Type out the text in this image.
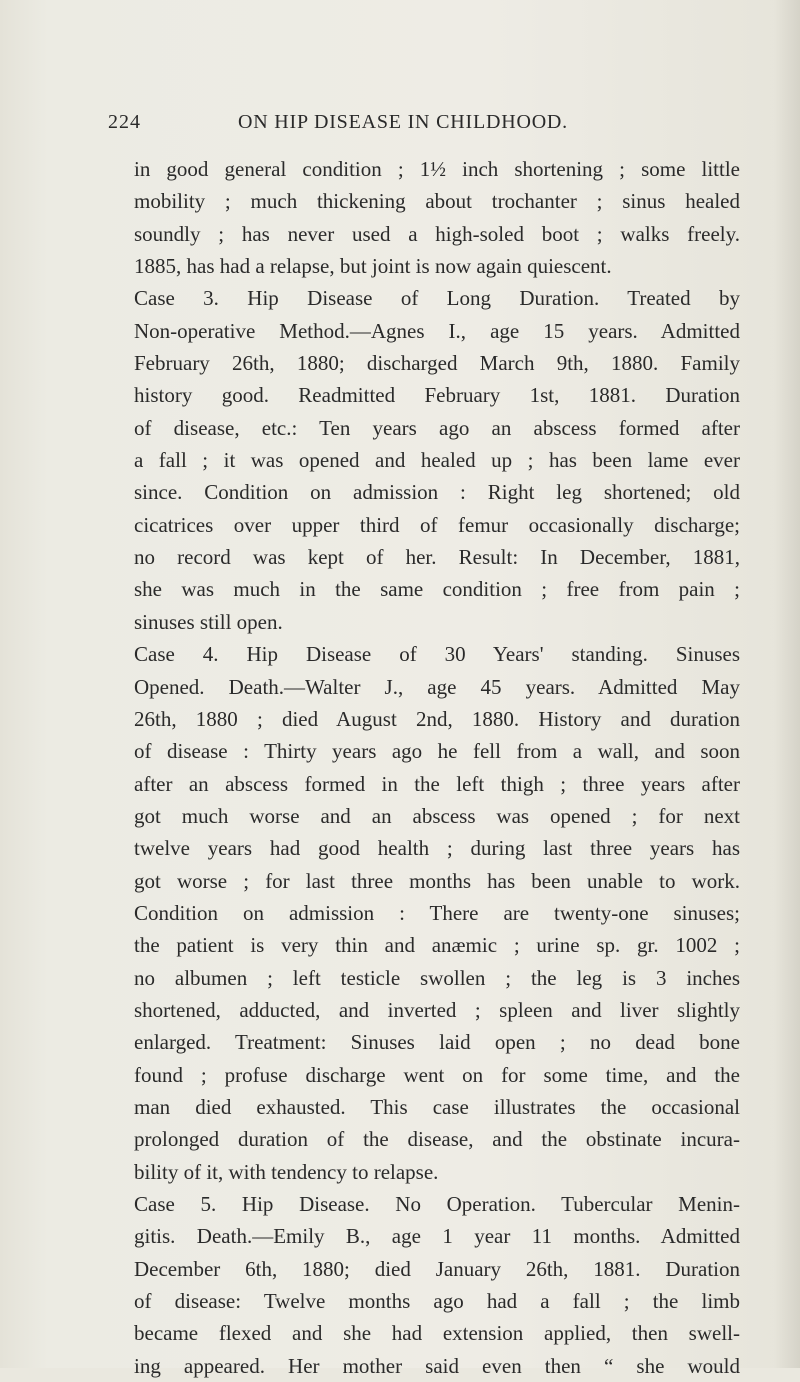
224	ON HIP DISEASE IN CHILDHOOD.
in good general condition ; 1½ inch shortening ; some little
mobility ; much thickening about trochanter ; sinus healed
soundly ; has never used a high-soled boot ; walks freely.
1885, has had a relapse, but joint is now again quiescent.
Case 3. Hip Disease of Long Duration. Treated by
Non-operative Method.—Agnes I., age 15 years. Admitted
February 26th, 1880; discharged March 9th, 1880. Family
history good. Readmitted February 1st, 1881. Duration
of disease, etc.: Ten years ago an abscess formed after
a fall ; it was opened and healed up ; has been lame ever
since. Condition on admission : Right leg shortened; old
cicatrices over upper third of femur occasionally discharge;
no record was kept of her. Result: In December, 1881,
she was much in the same condition ; free from pain ;
sinuses still open.
Case 4. Hip Disease of 30 Years' standing. Sinuses
Opened. Death.—Walter J., age 45 years. Admitted May
26th, 1880 ; died August 2nd, 1880. History and duration
of disease : Thirty years ago he fell from a wall, and soon
after an abscess formed in the left thigh ; three years after
got much worse and an abscess was opened ; for next
twelve years had good health ; during last three years has
got worse ; for last three months has been unable to work.
Condition on admission : There are twenty-one sinuses;
the patient is very thin and anæmic ; urine sp. gr. 1002 ;
no albumen ; left testicle swollen ; the leg is 3 inches
shortened, adducted, and inverted ; spleen and liver slightly
enlarged. Treatment: Sinuses laid open ; no dead bone
found ; profuse discharge went on for some time, and the
man died exhausted. This case illustrates the occasional
prolonged duration of the disease, and the obstinate incura-
bility of it, with tendency to relapse.
Case 5. Hip Disease. No Operation. Tubercular Menin-
gitis. Death.—Emily B., age 1 year 11 months. Admitted
December 6th, 1880; died January 26th, 1881. Duration
of disease: Twelve months ago had a fall ; the limb
became flexed and she had extension applied, then swell-
ing appeared. Her mother said even then “ she would
